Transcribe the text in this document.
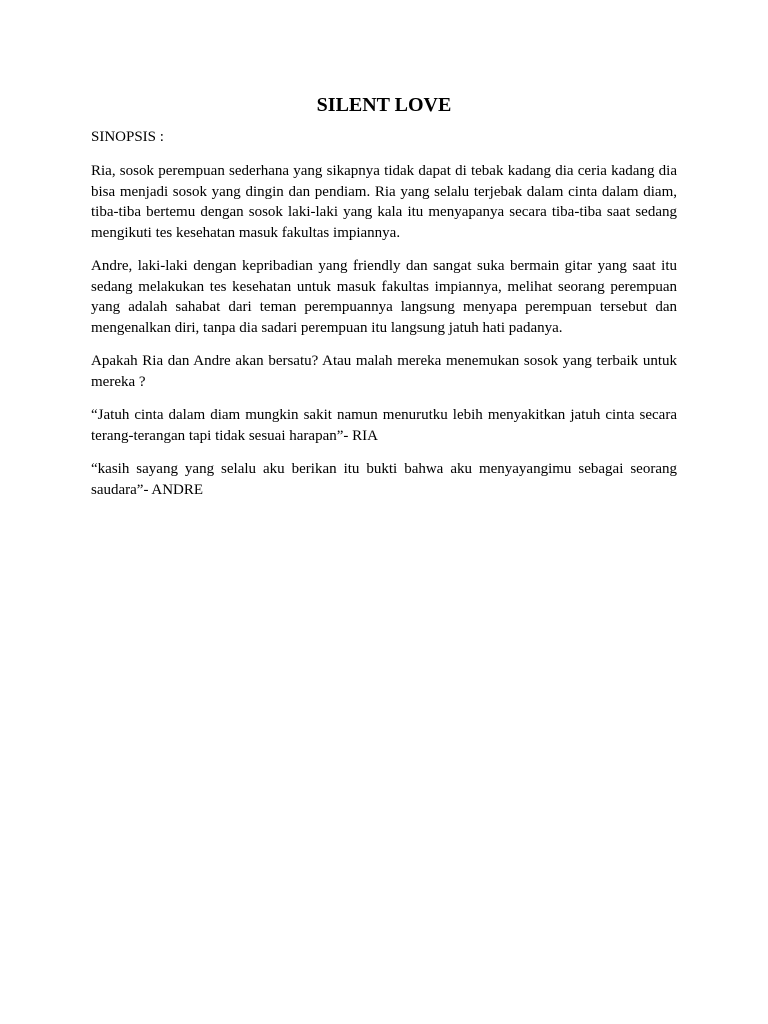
SILENT LOVE
SINOPSIS :

Ria, sosok perempuan sederhana yang sikapnya tidak dapat di tebak kadang dia ceria kadang dia bisa menjadi sosok yang dingin dan pendiam. Ria yang selalu terjebak dalam cinta dalam diam, tiba-tiba bertemu dengan sosok laki-laki yang kala itu menyapanya secara tiba-tiba saat sedang mengikuti tes kesehatan masuk fakultas impiannya.

Andre, laki-laki dengan kepribadian yang friendly dan sangat suka bermain gitar yang saat itu sedang melakukan tes kesehatan untuk masuk fakultas impiannya, melihat seorang perempuan yang adalah sahabat dari teman perempuannya langsung menyapa perempuan tersebut dan mengenalkan diri, tanpa dia sadari perempuan itu langsung jatuh hati padanya.

Apakah Ria dan Andre akan bersatu? Atau malah mereka menemukan sosok yang terbaik untuk mereka ?

“Jatuh cinta dalam diam mungkin sakit namun menurutku lebih menyakitkan jatuh cinta secara terang-terangan tapi tidak sesuai harapan”- RIA

“kasih sayang yang selalu aku berikan itu bukti bahwa aku menyayangimu sebagai seorang saudara”- ANDRE
